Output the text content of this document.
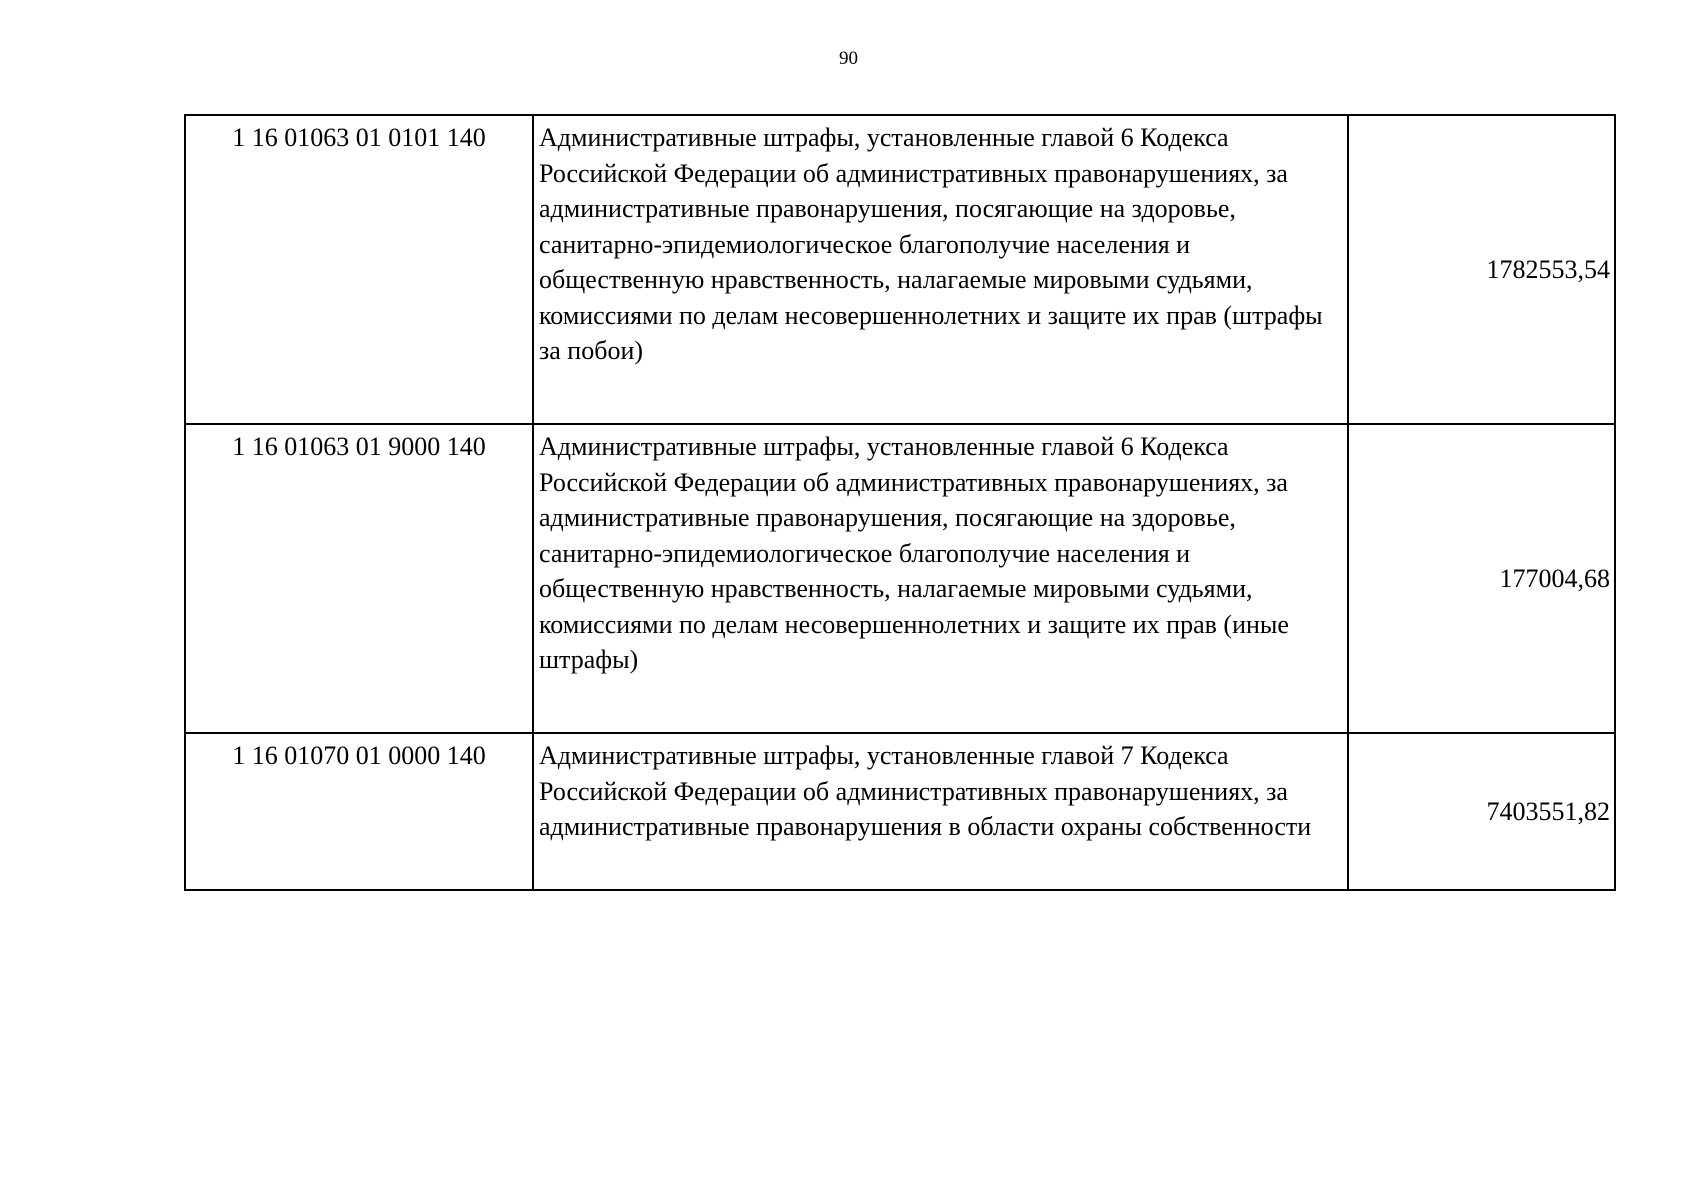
90
1 16 01063 01 0101 140	Административные штрафы, установленные главой 6 Кодекса Российской Федерации об административных правонарушениях, за административные правонарушения, посягающие на здоровье, санитарно-эпидемиологическое благополучие населения и общественную нравственность, налагаемые мировыми судьями, комиссиями по делам несовершеннолетних и защите их прав (штрафы за побои)	1782553,54
1 16 01063 01 9000 140	Административные штрафы, установленные главой 6 Кодекса Российской Федерации об административных правонарушениях, за административные правонарушения, посягающие на здоровье, санитарно-эпидемиологическое благополучие населения и общественную нравственность, налагаемые мировыми судьями, комиссиями по делам несовершеннолетних и защите их прав (иные штрафы)	177004,68
1 16 01070 01 0000 140	Административные штрафы, установленные главой 7 Кодекса Российской Федерации об административных правонарушениях, за административные правонарушения в области охраны собственности	7403551,82
